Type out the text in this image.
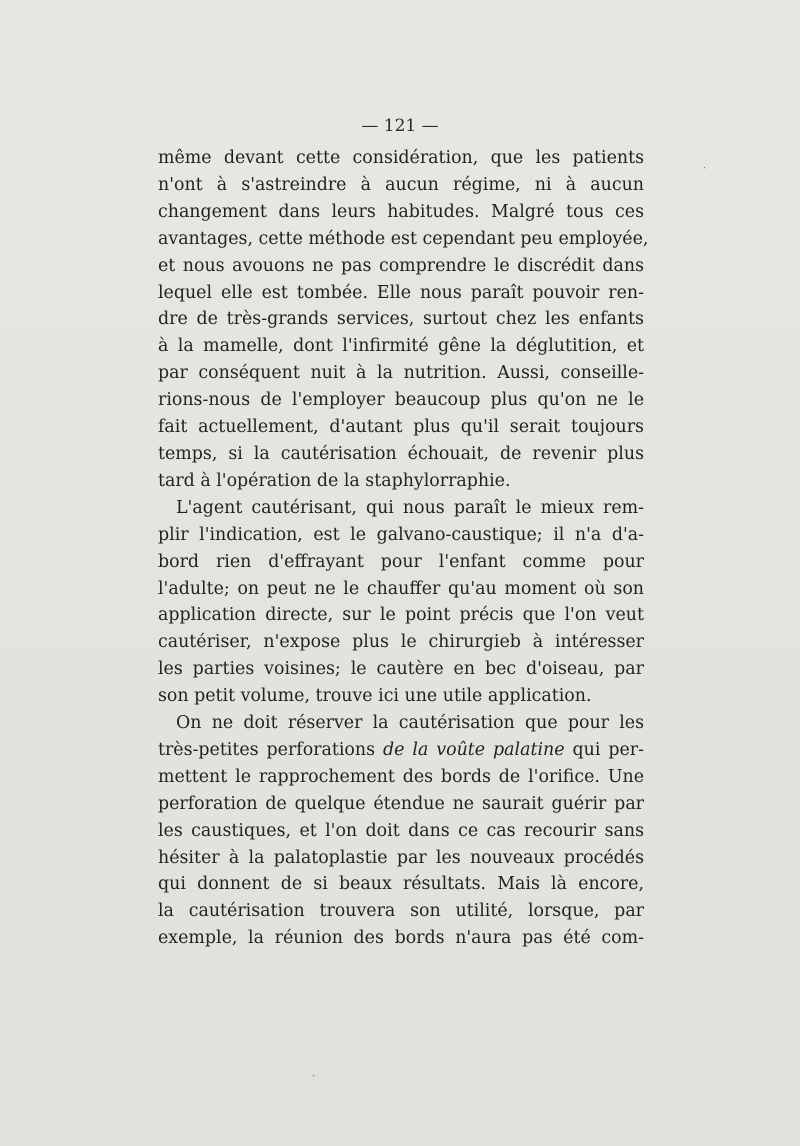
— 121 —
même devant cette considération, que les patients
n'ont à s'astreindre à aucun régime, ni à aucun
changement dans leurs habitudes. Malgré tous ces
avantages, cette méthode est cependant peu employée,
et nous avouons ne pas comprendre le discrédit dans
lequel elle est tombée. Elle nous paraît pouvoir ren-
dre de très-grands services, surtout chez les enfants
à la mamelle, dont l'infirmité gêne la déglutition, et
par conséquent nuit à la nutrition. Aussi, conseille-
rions-nous de l'employer beaucoup plus qu'on ne le
fait actuellement, d'autant plus qu'il serait toujours
temps, si la cautérisation échouait, de revenir plus
tard à l'opération de la staphylorraphie.
L'agent cautérisant, qui nous paraît le mieux rem-
plir l'indication, est le galvano-caustique; il n'a d'a-
bord rien d'effrayant pour l'enfant comme pour
l'adulte; on peut ne le chauffer qu'au moment où son
application directe, sur le point précis que l'on veut
cautériser, n'expose plus le chirurgieb à intéresser
les parties voisines; le cautère en bec d'oiseau, par
son petit volume, trouve ici une utile application.
On ne doit réserver la cautérisation que pour les
très-petites perforations de la voûte palatine qui per-
mettent le rapprochement des bords de l'orifice. Une
perforation de quelque étendue ne saurait guérir par
les caustiques, et l'on doit dans ce cas recourir sans
hésiter à la palatoplastie par les nouveaux procédés
qui donnent de si beaux résultats. Mais là encore,
la cautérisation trouvera son utilité, lorsque, par
exemple, la réunion des bords n'aura pas été com-
ˎ
ˎ
